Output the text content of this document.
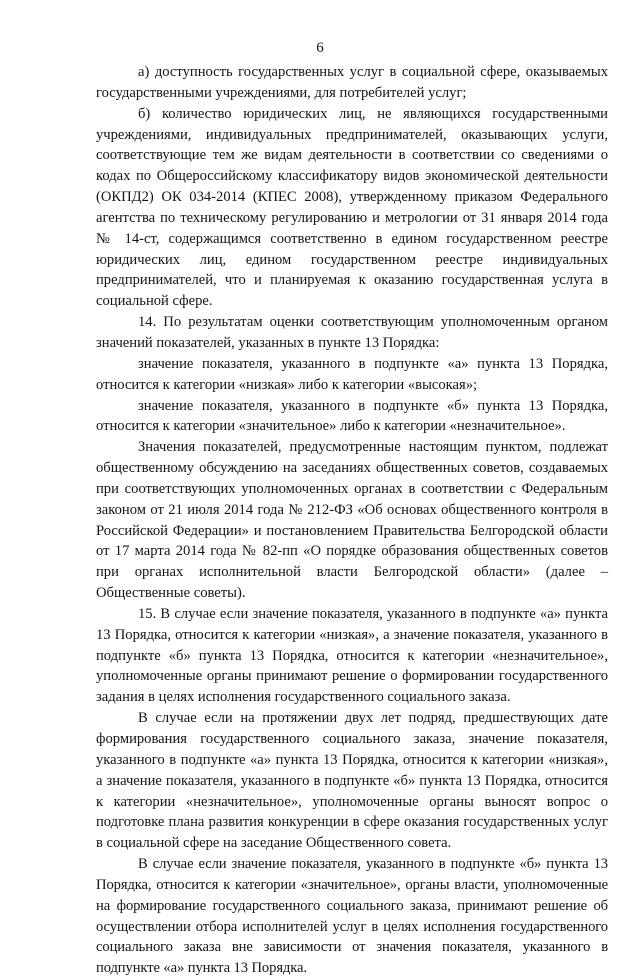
6

а) доступность государственных услуг в социальной сфере, оказываемых государственными учреждениями, для потребителей услуг;

б) количество юридических лиц, не являющихся государственными учреждениями, индивидуальных предпринимателей, оказывающих услуги, соответствующие тем же видам деятельности в соответствии со сведениями о кодах по Общероссийскому классификатору видов экономической деятельности (ОКПД2) ОК 034-2014 (КПЕС 2008), утвержденному приказом Федерального агентства по техническому регулированию и метрологии от 31 января 2014 года № 14-ст, содержащимся соответственно в едином государственном реестре юридических лиц, едином государственном реестре индивидуальных предпринимателей, что и планируемая к оказанию государственная услуга в социальной сфере.

14. По результатам оценки соответствующим уполномоченным органом значений показателей, указанных в пункте 13 Порядка:

значение показателя, указанного в подпункте «а» пункта 13 Порядка, относится к категории «низкая» либо к категории «высокая»;

значение показателя, указанного в подпункте «б» пункта 13 Порядка, относится к категории «значительное» либо к категории «незначительное».

Значения показателей, предусмотренные настоящим пунктом, подлежат общественному обсуждению на заседаниях общественных советов, создаваемых при соответствующих уполномоченных органах в соответствии с Федеральным законом от 21 июля 2014 года № 212-ФЗ «Об основах общественного контроля в Российской Федерации» и постановлением Правительства Белгородской области от 17 марта 2014 года № 82-пп «О порядке образования общественных советов при органах исполнительной власти Белгородской области» (далее – Общественные советы).

15. В случае если значение показателя, указанного в подпункте «а» пункта 13 Порядка, относится к категории «низкая», а значение показателя, указанного в подпункте «б» пункта 13 Порядка, относится к категории «незначительное», уполномоченные органы принимают решение о формировании государственного задания в целях исполнения государственного социального заказа.

В случае если на протяжении двух лет подряд, предшествующих дате формирования государственного социального заказа, значение показателя, указанного в подпункте «а» пункта 13 Порядка, относится к категории «низкая», а значение показателя, указанного в подпункте «б» пункта 13 Порядка, относится к категории «незначительное», уполномоченные органы выносят вопрос о подготовке плана развития конкуренции в сфере оказания государственных услуг в социальной сфере на заседание Общественного совета.

В случае если значение показателя, указанного в подпункте «б» пункта 13 Порядка, относится к категории «значительное», органы власти, уполномоченные на формирование государственного социального заказа, принимают решение об осуществлении отбора исполнителей услуг в целях исполнения государственного социального заказа вне зависимости от значения показателя, указанного в подпункте «а» пункта 13 Порядка.
